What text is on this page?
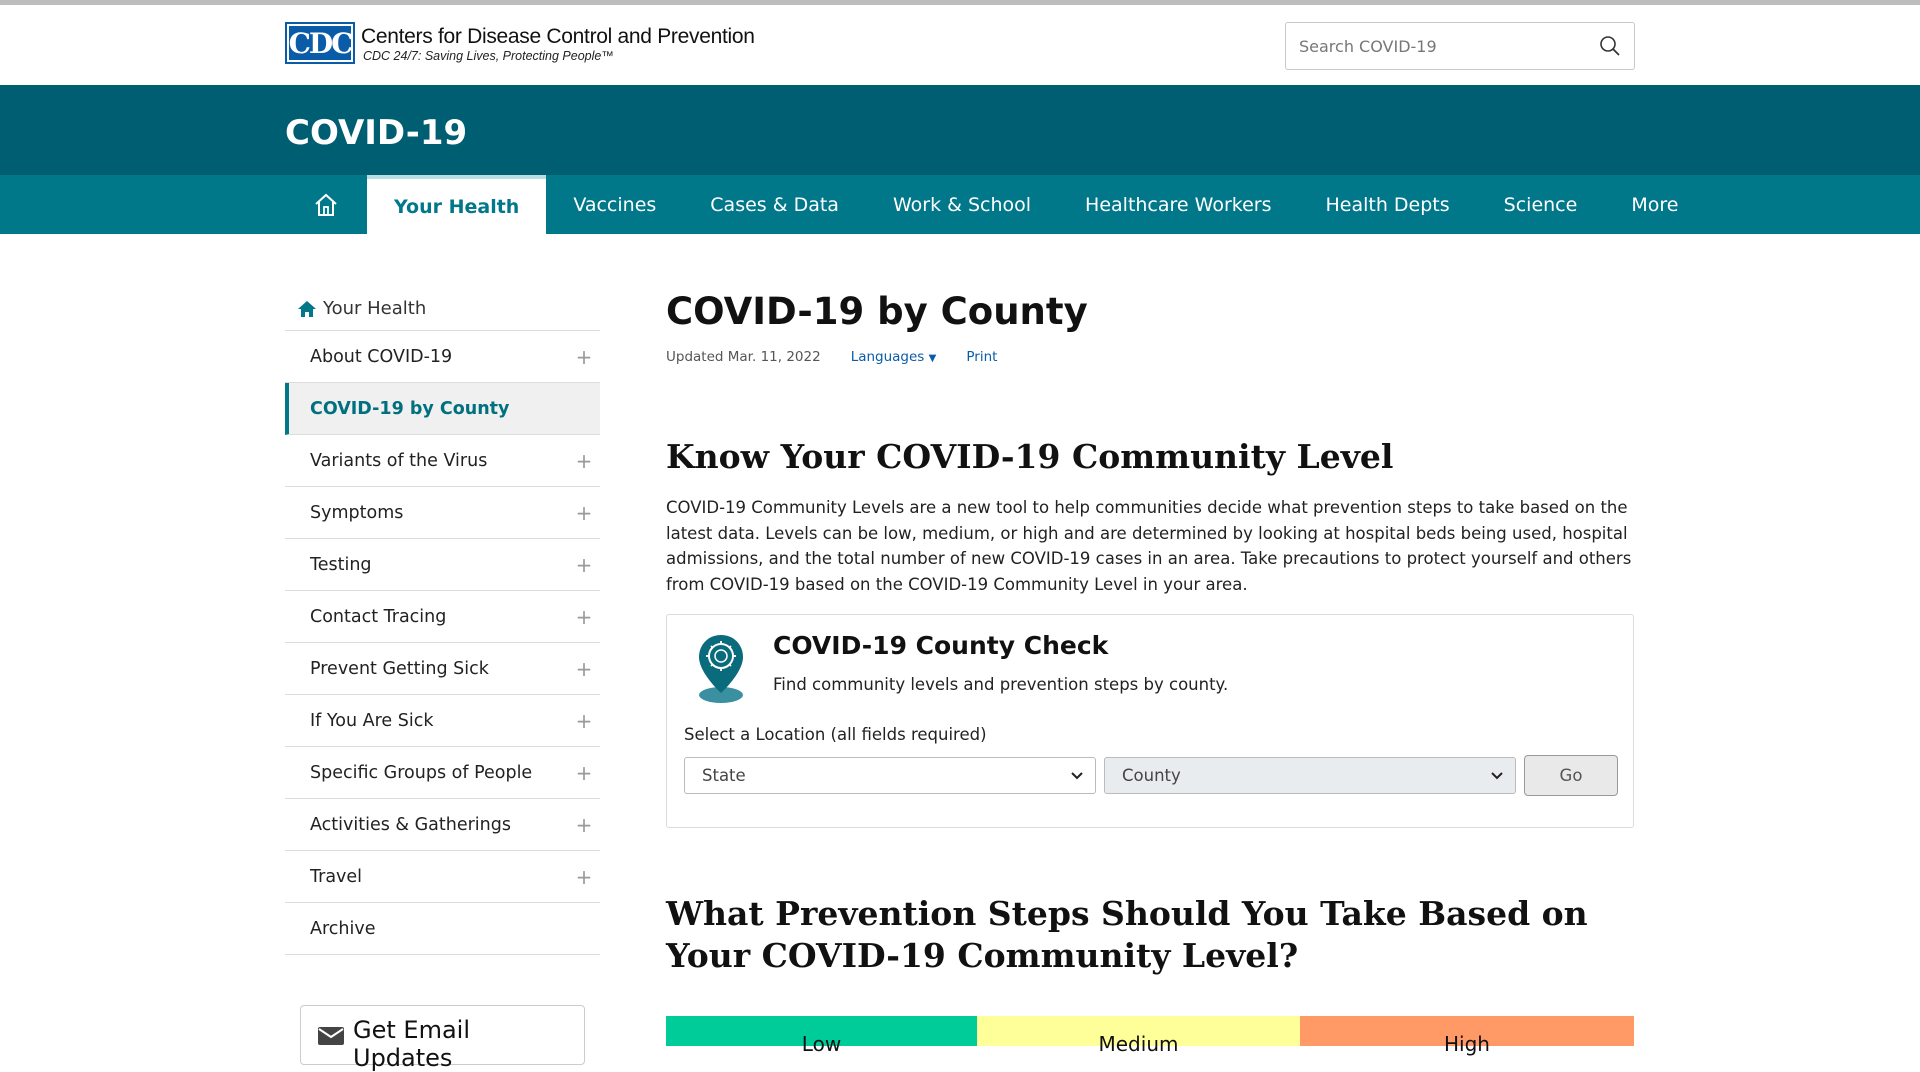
CDC Centers for Disease Control and Prevention
CDC 24/7: Saving Lives, Protecting People™
Search COVID-19
COVID-19
Your Health	Vaccines	Cases & Data	Work & School	Healthcare Workers	Health Depts	Science	More
Your Health
About COVID-19	+
COVID-19 by County
Variants of the Virus	+
Symptoms	+
Testing	+
Contact Tracing	+
Prevent Getting Sick	+
If You Are Sick	+
Specific Groups of People +
Activities & Gatherings	+
Travel	+
Archive
Get Email Updates
COVID-19 by County
Updated Mar. 11, 2022 Languages ▼ Print
Know Your COVID-19 Community Level

COVID-19 Community Levels are a new tool to help communities decide what prevention steps to take based on the latest data. Levels can be low, medium, or high and are determined by looking at hospital beds being used, hospital admissions, and the total number of new COVID-19 cases in an area. Take precautions to protect yourself and others from COVID-19 based on the COVID-19 Community Level in your area.

COVID-19 County Check
Find community levels and prevention steps by county.
Select a Location (all fields required)
State	County	Go
What Prevention Steps Should You Take Based on Your COVID-19 Community Level?
Low	Medium	High
